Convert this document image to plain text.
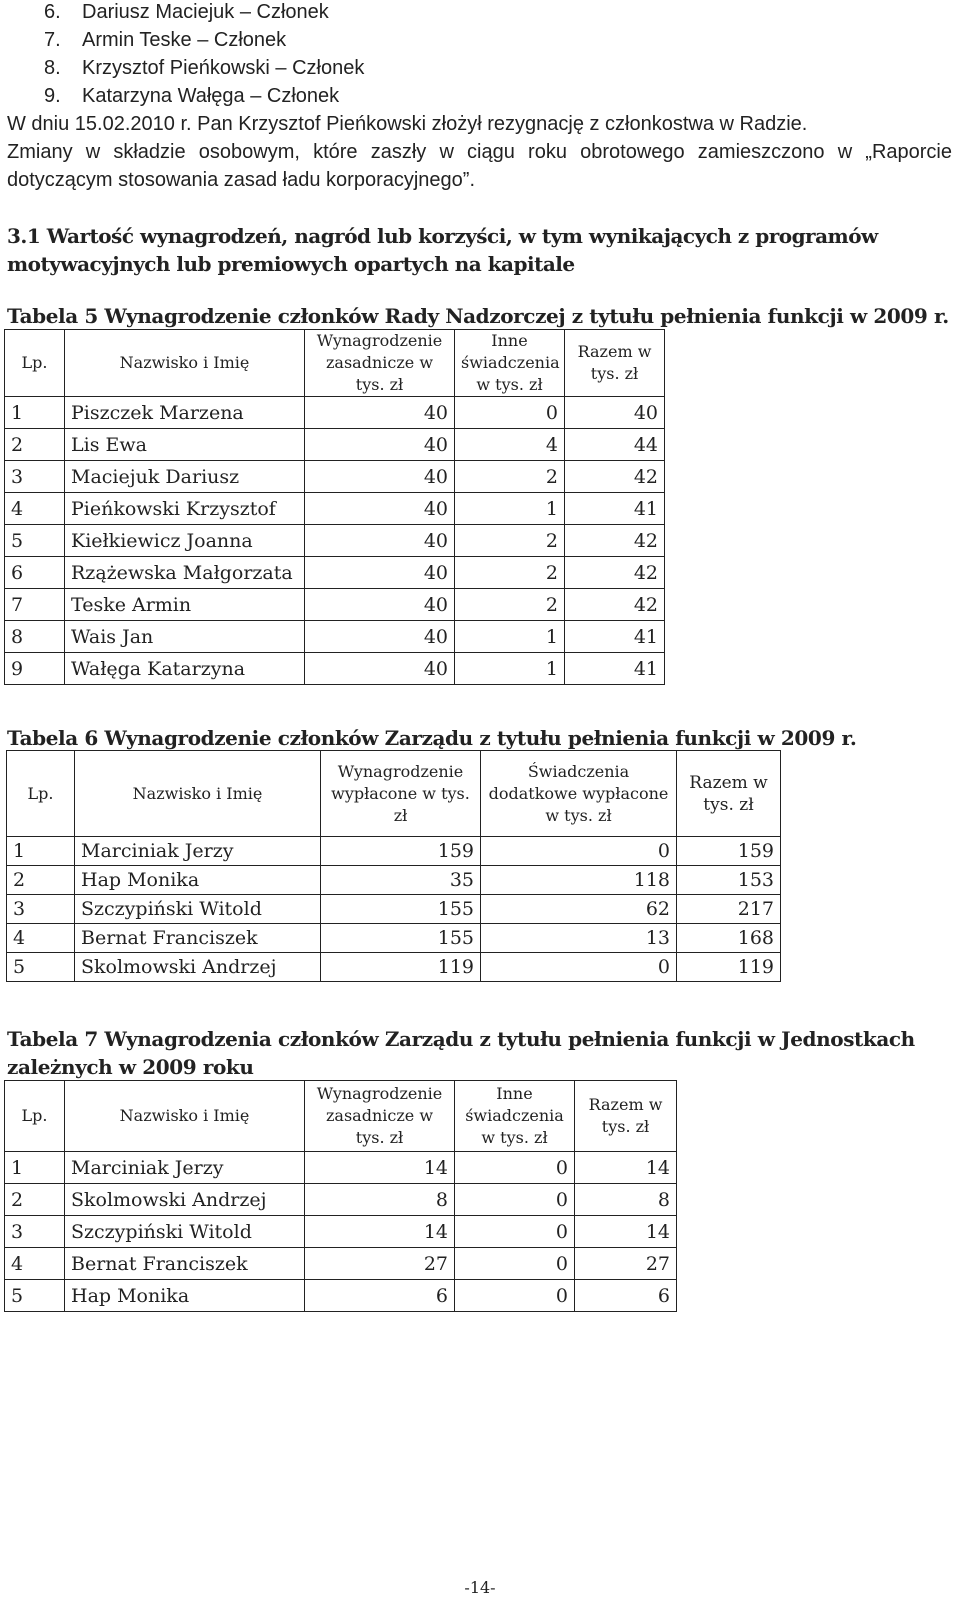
6. Dariusz Maciejuk – Członek
7. Armin Teske – Członek
8. Krzysztof Pieńkowski – Członek
9. Katarzyna Wałęga – Członek
W dniu 15.02.2010 r. Pan Krzysztof Pieńkowski złożył rezygnację z członkostwa w Radzie.
Zmiany w składzie osobowym, które zaszły w ciągu roku obrotowego zamieszczono w „Raporcie dotyczącym stosowania zasad ładu korporacyjnego”.
3.1 Wartość wynagrodzeń, nagród lub korzyści, w tym wynikających z programów motywacyjnych lub premiowych opartych na kapitale
Tabela 5 Wynagrodzenie członków Rady Nadzorczej z tytułu pełnienia funkcji w 2009 r.
Lp.	Nazwisko i Imię	Wynagrodzenie zasadnicze w tys. zł	Inne świadczenia w tys. zł	Razem w tys. zł
1	Piszczek Marzena	40	0	40
2	Lis Ewa	40	4	44
3	Maciejuk Dariusz	40	2	42
4	Pieńkowski Krzysztof	40	1	41
5	Kiełkiewicz Joanna	40	2	42
6	Rzążewska Małgorzata	40	2	42
7	Teske Armin	40	2	42
8	Wais Jan	40	1	41
9	Wałęga Katarzyna	40	1	41
Tabela 6 Wynagrodzenie członków Zarządu z tytułu pełnienia funkcji w 2009 r.
Lp.	Nazwisko i Imię	Wynagrodzenie wypłacone w tys. zł	Świadczenia dodatkowe wypłacone w tys. zł	Razem w tys. zł
1	Marciniak Jerzy	159	0	159
2	Hap Monika	35	118	153
3	Szczypiński Witold	155	62	217
4	Bernat Franciszek	155	13	168
5	Skolmowski Andrzej	119	0	119
Tabela 7 Wynagrodzenia członków Zarządu z tytułu pełnienia funkcji w Jednostkach zależnych w 2009 roku
Lp.	Nazwisko i Imię	Wynagrodzenie zasadnicze w tys. zł	Inne świadczenia w tys. zł	Razem w tys. zł
1	Marciniak Jerzy	14	0	14
2	Skolmowski Andrzej	8	0	8
3	Szczypiński Witold	14	0	14
4	Bernat Franciszek	27	0	27
5	Hap Monika	6	0	6
-14-
